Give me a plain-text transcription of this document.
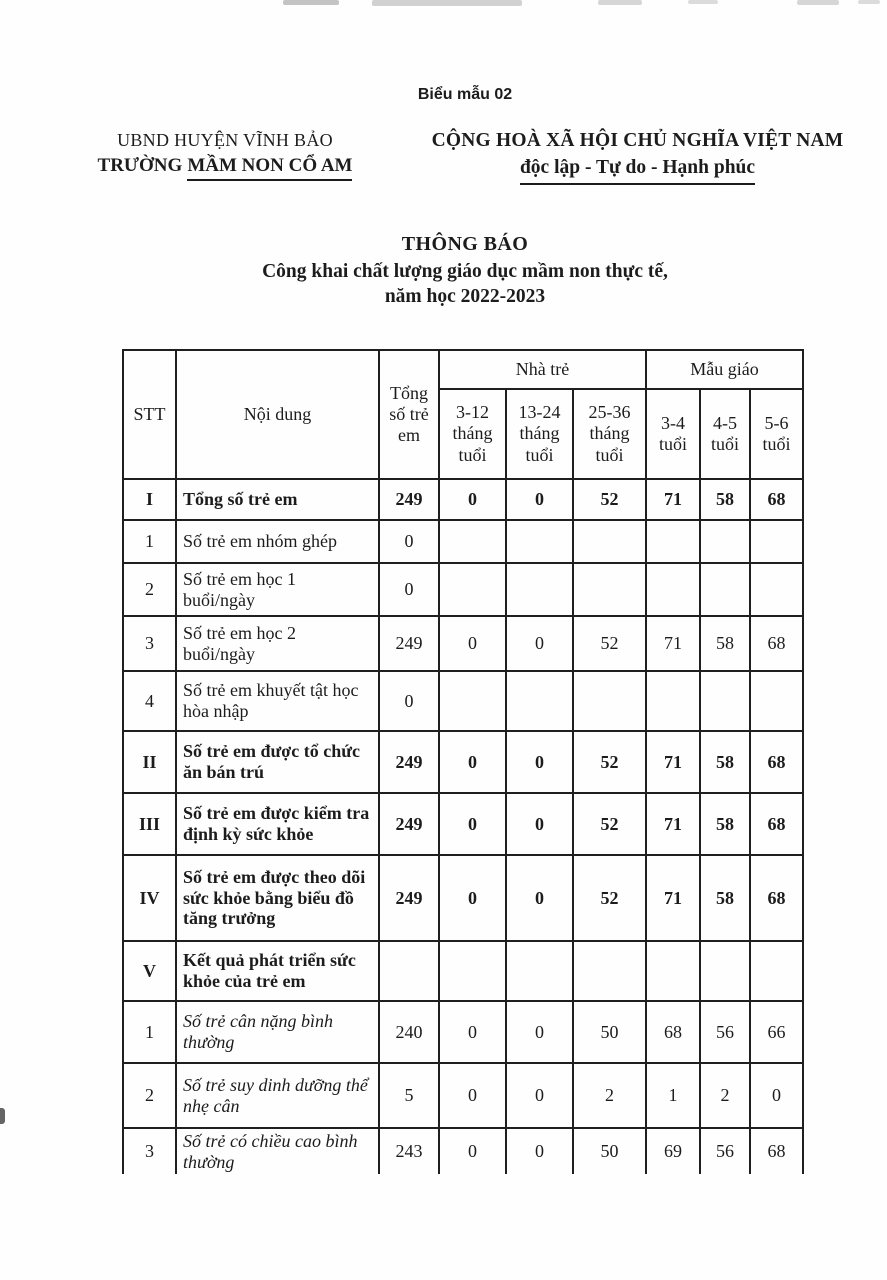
Biểu mẫu 02
UBND HUYỆN VĨNH BẢO
TRƯỜNG MẦM NON CỔ AM
CỘNG HOÀ XÃ HỘI CHỦ NGHĨA VIỆT NAM
độc lập - Tự do - Hạnh phúc
THÔNG BÁO
Công khai chất lượng giáo dục mầm non thực tế,
năm học 2022-2023
STT	Nội dung	Tổng số trẻ em	Nhà trẻ			Mẫu giáo		
			3-12 tháng tuổi	13-24 tháng tuổi	25-36 tháng tuổi	3-4 tuổi	4-5 tuổi	5-6 tuổi
I	Tổng số trẻ em	249	0	0	52	71	58	68
1	Số trẻ em nhóm ghép	0						
2	Số trẻ em học 1 buổi/ngày	0						
3	Số trẻ em học 2 buổi/ngày	249	0	0	52	71	58	68
4	Số trẻ em khuyết tật học hòa nhập	0						
II	Số trẻ em được tổ chức ăn bán trú	249	0	0	52	71	58	68
III	Số trẻ em được kiểm tra định kỳ sức khỏe	249	0	0	52	71	58	68
IV	Số trẻ em được theo dõi sức khỏe bằng biểu đồ tăng trưởng	249	0	0	52	71	58	68
V	Kết quả phát triển sức khỏe của trẻ em							
1	Số trẻ cân nặng bình thường	240	0	0	50	68	56	66
2	Số trẻ suy dinh dưỡng thể nhẹ cân	5	0	0	2	1	2	0
3	Số trẻ có chiều cao bình thường	243	0	0	50	69	56	68
